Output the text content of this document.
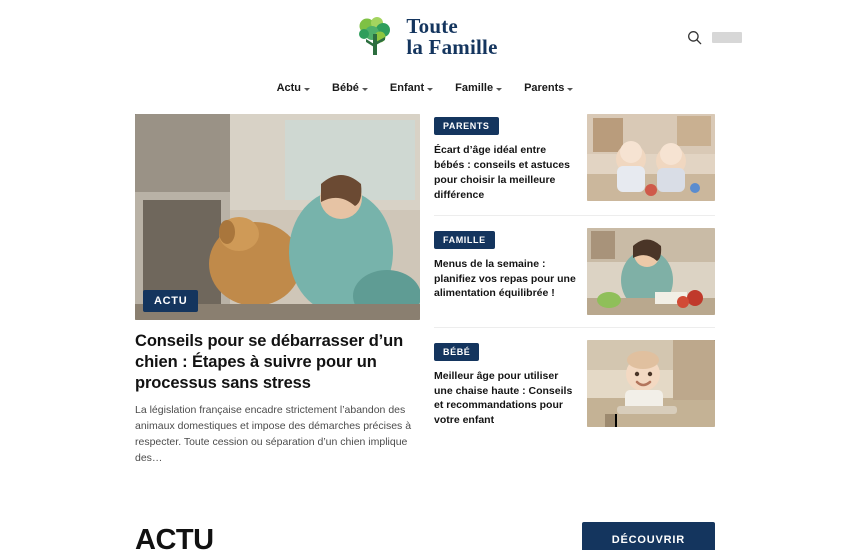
Toute
la Famille
Actu	Bébé	Enfant	Famille	Parents
ACTU
Conseils pour se débarrasser d’un chien : Étapes à suivre pour un processus sans stress
La législation française encadre strictement l’abandon des animaux domestiques et impose des démarches précises à respecter. Toute cession ou séparation d’un chien implique des…
PARENTS
Écart d’âge idéal entre bébés : conseils et astuces pour choisir la meilleure différence
FAMILLE
Menus de la semaine : planifiez vos repas pour une alimentation équilibrée !
BÉBÉ
Meilleur âge pour utiliser une chaise haute : Conseils et recommandations pour votre enfant
ACTU	DÉCOUVRIR
